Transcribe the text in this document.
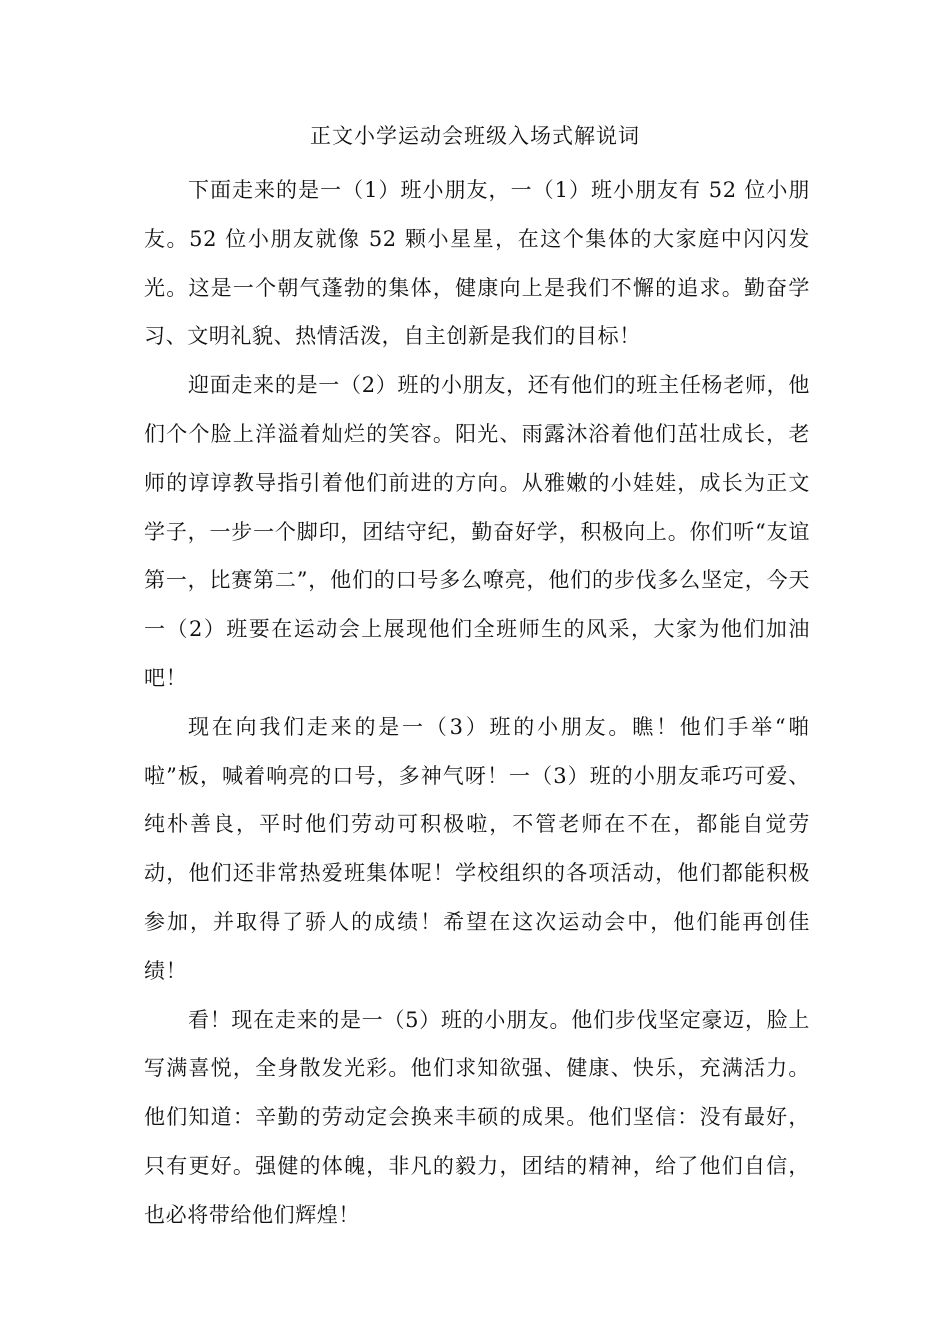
正文小学运动会班级入场式解说词

下面走来的是一（1）班小朋友，一（1）班小朋友有 52 位小朋友。52 位小朋友就像 52 颗小星星，在这个集体的大家庭中闪闪发光。这是一个朝气蓬勃的集体，健康向上是我们不懈的追求。勤奋学习、文明礼貌、热情活泼，自主创新是我们的目标！

迎面走来的是一（2）班的小朋友，还有他们的班主任杨老师，他们个个脸上洋溢着灿烂的笑容。阳光、雨露沐浴着他们茁壮成长，老师的谆谆教导指引着他们前进的方向。从雅嫩的小娃娃，成长为正文学子，一步一个脚印，团结守纪，勤奋好学，积极向上。你们听“友谊第一，比赛第二”，他们的口号多么嘹亮，他们的步伐多么坚定，今天一（2）班要在运动会上展现他们全班师生的风采，大家为他们加油吧！

现在向我们走来的是一（3）班的小朋友。瞧！他们手举“啪啦”板，喊着响亮的口号，多神气呀！一（3）班的小朋友乖巧可爱、纯朴善良，平时他们劳动可积极啦，不管老师在不在，都能自觉劳动，他们还非常热爱班集体呢！学校组织的各项活动，他们都能积极参加，并取得了骄人的成绩！希望在这次运动会中，他们能再创佳绩！

看！现在走来的是一（5）班的小朋友。他们步伐坚定豪迈，脸上写满喜悦，全身散发光彩。他们求知欲强、健康、快乐，充满活力。他们知道：辛勤的劳动定会换来丰硕的成果。他们坚信：没有最好，只有更好。强健的体魄，非凡的毅力，团结的精神，给了他们自信，也必将带给他们辉煌！
